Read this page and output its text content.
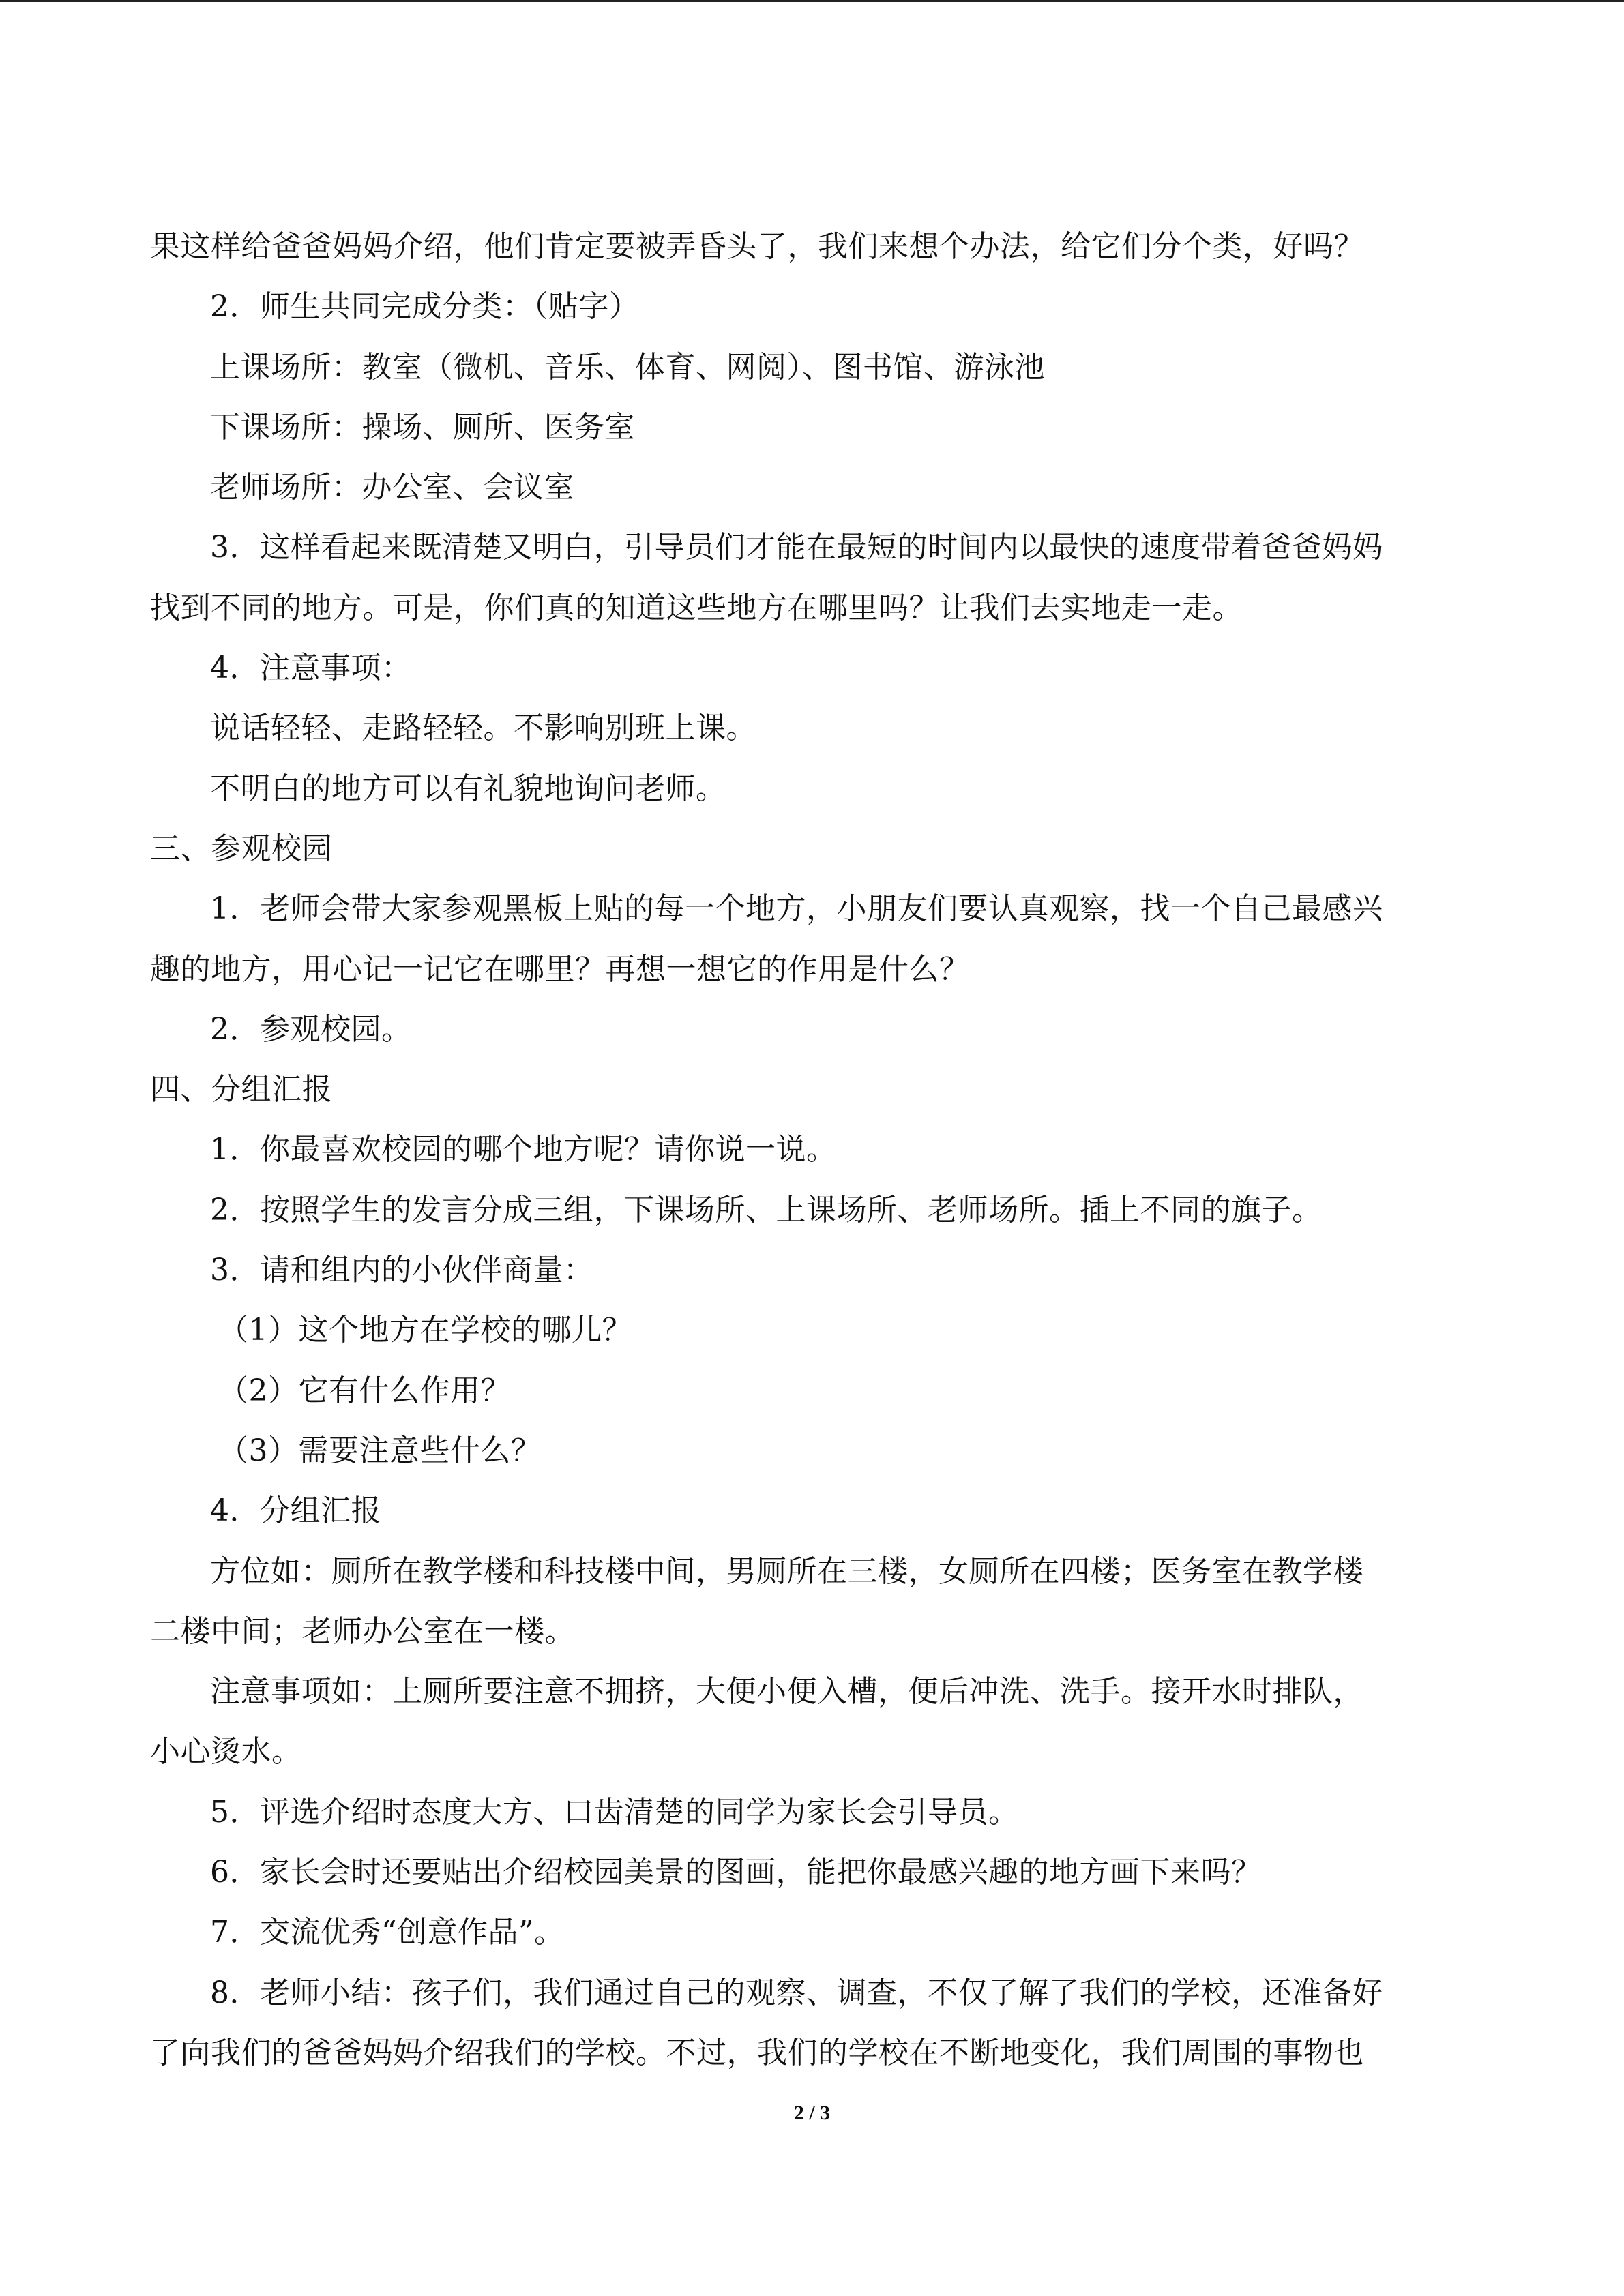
果这样给爸爸妈妈介绍，他们肯定要被弄昏头了，我们来想个办法，给它们分个类，好吗？
2．师生共同完成分类：（贴字）
上课场所：教室（微机、音乐、体育、网阅）、图书馆、游泳池
下课场所：操场、厕所、医务室
老师场所：办公室、会议室
3．这样看起来既清楚又明白，引导员们才能在最短的时间内以最快的速度带着爸爸妈妈
找到不同的地方。可是，你们真的知道这些地方在哪里吗？让我们去实地走一走。
4．注意事项：
说话轻轻、走路轻轻。不影响别班上课。
不明白的地方可以有礼貌地询问老师。
三、参观校园
1．老师会带大家参观黑板上贴的每一个地方，小朋友们要认真观察，找一个自己最感兴
趣的地方，用心记一记它在哪里？再想一想它的作用是什么？
2．参观校园。
四、分组汇报
1．你最喜欢校园的哪个地方呢？请你说一说。
2．按照学生的发言分成三组，下课场所、上课场所、老师场所。插上不同的旗子。
3．请和组内的小伙伴商量：
（1）这个地方在学校的哪儿？
（2）它有什么作用？
（3）需要注意些什么？
4．分组汇报
方位如：厕所在教学楼和科技楼中间，男厕所在三楼，女厕所在四楼；医务室在教学楼
二楼中间；老师办公室在一楼。
注意事项如：上厕所要注意不拥挤，大便小便入槽，便后冲洗、洗手。接开水时排队，
小心烫水。
5．评选介绍时态度大方、口齿清楚的同学为家长会引导员。
6．家长会时还要贴出介绍校园美景的图画，能把你最感兴趣的地方画下来吗？
7．交流优秀“创意作品”。
8．老师小结：孩子们，我们通过自己的观察、调查，不仅了解了我们的学校，还准备好
了向我们的爸爸妈妈介绍我们的学校。不过，我们的学校在不断地变化，我们周围的事物也
2 / 3
